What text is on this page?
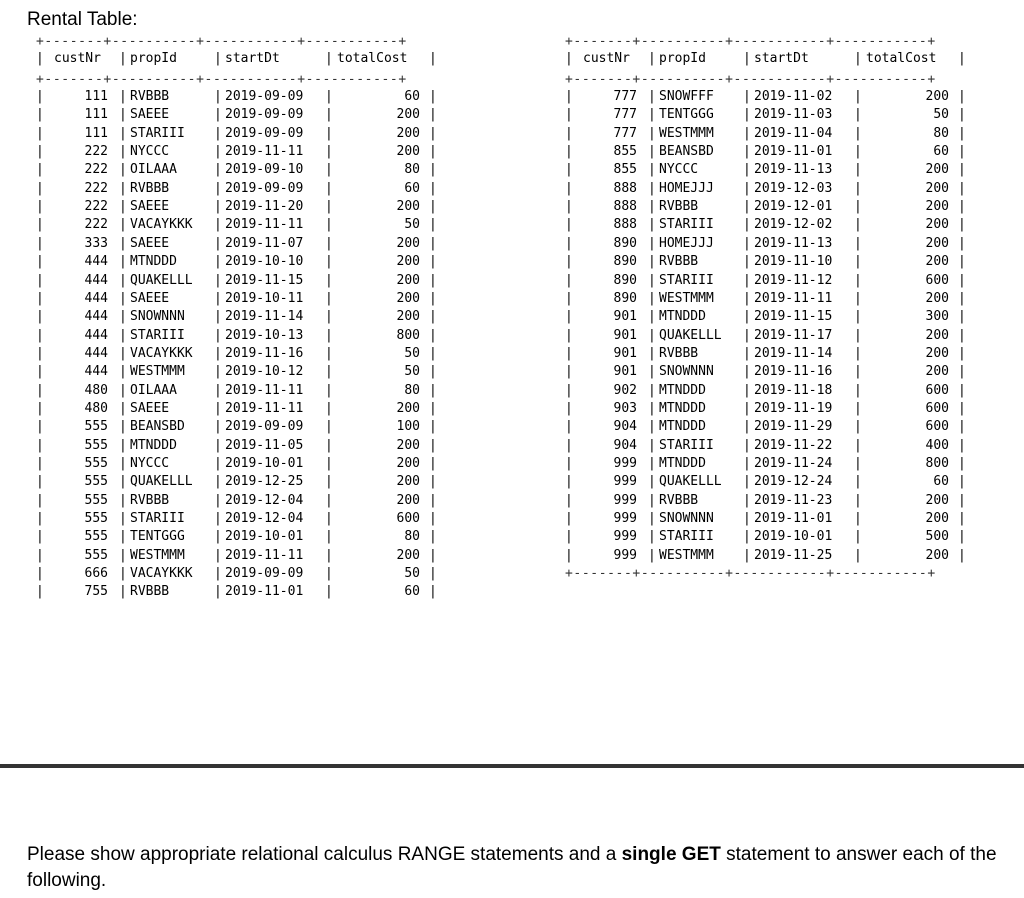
Rental Table:
+-------+----------+-----------+-----------+
|	|	|	|	|
custNr propId	startDt	totalCost
+-------+----------+-----------+-----------+
|	|	|	|	|
111 RVBBB	2019-09-09	60
|	|	|	|	|
111 SAEEE	2019-09-09	200
|	|	|	|	|
111 STARIII	2019-09-09	200
|	|	|	|	|
222 NYCCC	2019-11-11	200
|	|	|	|	|
222 OILAAA	2019-09-10	80
|	|	|	|	|
222 RVBBB	2019-09-09	60
|	|	|	|	|
222 SAEEE	2019-11-20	200
|	|	|	|	|
222 VACAYKKK 2019-11-11	50
|	|	|	|	|
333 SAEEE	2019-11-07	200
|	|	|	|	|
444 MTNDDD	2019-10-10	200
|	|	|	|	|
444 QUAKELLL 2019-11-15	200
|	|	|	|	|
444 SAEEE	2019-10-11	200
|	|	|	|	|
444 SNOWNNN	2019-11-14	200
|	|	|	|	|
444 STARIII	2019-10-13	800
|	|	|	|	|
444 VACAYKKK 2019-11-16	50
|	|	|	|	|
444 WESTMMM	2019-10-12	50
|	|	|	|	|
480 OILAAA	2019-11-11	80
|	|	|	|	|
480 SAEEE	2019-11-11	200
|	|	|	|	|
555 BEANSBD	2019-09-09	100
|	|	|	|	|
555 MTNDDD	2019-11-05	200
|	|	|	|	|
555 NYCCC	2019-10-01	200
|	|	|	|	|
555 QUAKELLL 2019-12-25	200
|	|	|	|	|
555 RVBBB	2019-12-04	200
|	|	|	|	|
555 STARIII	2019-12-04	600
|	|	|	|	|
555 TENTGGG	2019-10-01	80
|	|	|	|	|
555 WESTMMM	2019-11-11	200
|	|	|	|	|
666 VACAYKKK 2019-09-09	50
|	|	|	|	|
755 RVBBB	2019-11-01	60
+-------+----------+-----------+-----------+
|	|	|	|	|
custNr propId	startDt	totalCost
+-------+----------+-----------+-----------+
|	|	|	|	|
777 SNOWFFF	2019-11-02	200
|	|	|	|	|
777 TENTGGG	2019-11-03	50
|	|	|	|	|
777 WESTMMM	2019-11-04	80
|	|	|	|	|
855 BEANSBD	2019-11-01	60
|	|	|	|	|
855 NYCCC	2019-11-13	200
|	|	|	|	|
888 HOMEJJJ	2019-12-03	200
|	|	|	|	|
888 RVBBB	2019-12-01	200
|	|	|	|	|
888 STARIII	2019-12-02	200
|	|	|	|	|
890 HOMEJJJ	2019-11-13	200
|	|	|	|	|
890 RVBBB	2019-11-10	200
|	|	|	|	|
890 STARIII	2019-11-12	600
|	|	|	|	|
890 WESTMMM	2019-11-11	200
|	|	|	|	|
901 MTNDDD	2019-11-15	300
|	|	|	|	|
901 QUAKELLL 2019-11-17	200
|	|	|	|	|
901 RVBBB	2019-11-14	200
|	|	|	|	|
901 SNOWNNN	2019-11-16	200
|	|	|	|	|
902 MTNDDD	2019-11-18	600
|	|	|	|	|
903 MTNDDD	2019-11-19	600
|	|	|	|	|
904 MTNDDD	2019-11-29	600
|	|	|	|	|
904 STARIII	2019-11-22	400
|	|	|	|	|
999 MTNDDD	2019-11-24	800
|	|	|	|	|
999 QUAKELLL 2019-12-24	60
|	|	|	|	|
999 RVBBB	2019-11-23	200
|	|	|	|	|
999 SNOWNNN	2019-11-01	200
|	|	|	|	|
999 STARIII	2019-10-01	500
|	|	|	|	|
999 WESTMMM	2019-11-25	200
+-------+----------+-----------+-----------+
Please show appropriate relational calculus RANGE statements and a single GET statement to answer each of the following.
